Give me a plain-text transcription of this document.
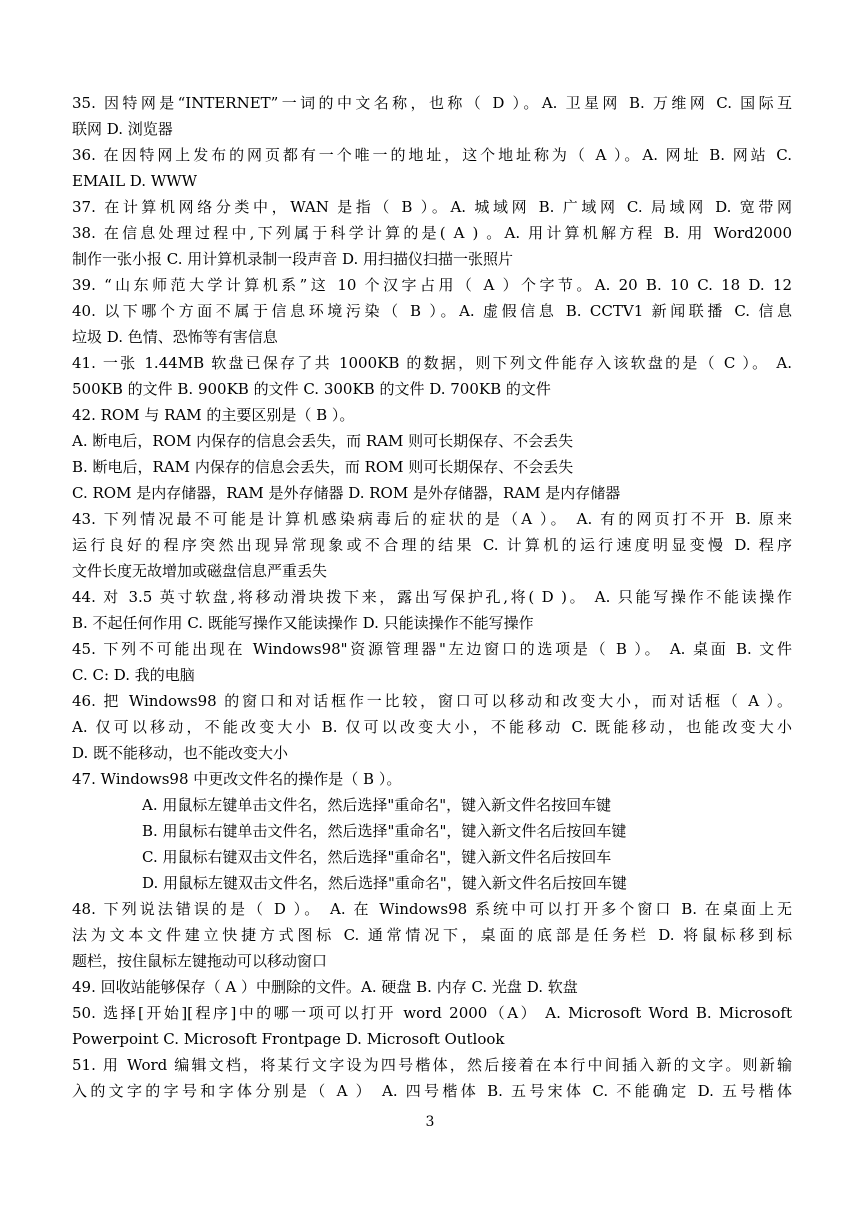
35. 因特网是“INTERNET”一词的中文名称，也称（ D ）。A. 卫星网 B. 万维网 C. 国际互
联网 D. 浏览器
36. 在因特网上发布的网页都有一个唯一的地址，这个地址称为（ A ）。A. 网址 B. 网站 C.
EMAIL D. WWW
37. 在计算机网络分类中，WAN 是指（ B ）。A. 城域网 B. 广域网 C. 局域网 D. 宽带网
38. 在信息处理过程中,下列属于科学计算的是( A ) 。A. 用计算机解方程 B. 用 Word2000
制作一张小报 C. 用计算机录制一段声音 D. 用扫描仪扫描一张照片
39. “山东师范大学计算机系”这 10 个汉字占用（ A ）个字节。A. 20 B. 10 C. 18 D. 12
40. 以下哪个方面不属于信息环境污染（ B ）。A. 虚假信息 B. CCTV1 新闻联播 C. 信息
垃圾 D. 色情、恐怖等有害信息
41. 一张 1.44MB 软盘已保存了共 1000KB 的数据，则下列文件能存入该软盘的是（ C ）。 A.
500KB 的文件 B. 900KB 的文件 C. 300KB 的文件 D. 700KB 的文件
42. ROM 与 RAM 的主要区别是（ B ）。
A. 断电后，ROM 内保存的信息会丢失，而 RAM 则可长期保存、不会丢失
B. 断电后，RAM 内保存的信息会丢失，而 ROM 则可长期保存、不会丢失
C. ROM 是内存储器，RAM 是外存储器 D. ROM 是外存储器，RAM 是内存储器
43. 下列情况最不可能是计算机感染病毒后的症状的是（A ）。 A. 有的网页打不开 B. 原来
运行良好的程序突然出现异常现象或不合理的结果 C. 计算机的运行速度明显变慢 D. 程序
文件长度无故增加或磁盘信息严重丢失
44. 对 3.5 英寸软盘,将移动滑块拨下来，露出写保护孔,将( D )。 A. 只能写操作不能读操作
B. 不起任何作用 C. 既能写操作又能读操作 D. 只能读操作不能写操作
45. 下列不可能出现在 Windows98"资源管理器"左边窗口的选项是（ B ）。 A. 桌面 B. 文件
C. C: D. 我的电脑
46. 把 Windows98 的窗口和对话框作一比较，窗口可以移动和改变大小，而对话框（ A ）。
A. 仅可以移动，不能改变大小 B. 仅可以改变大小，不能移动 C. 既能移动，也能改变大小
D. 既不能移动，也不能改变大小
47. Windows98 中更改文件名的操作是（ B ）。
A. 用鼠标左键单击文件名，然后选择"重命名"，键入新文件名按回车键
B. 用鼠标右键单击文件名，然后选择"重命名"，键入新文件名后按回车键
C. 用鼠标右键双击文件名，然后选择"重命名"，键入新文件名后按回车
D. 用鼠标左键双击文件名，然后选择"重命名"，键入新文件名后按回车键
48. 下列说法错误的是（ D ）。 A. 在 Windows98 系统中可以打开多个窗口 B. 在桌面上无
法为文本文件建立快捷方式图标 C. 通常情况下，桌面的底部是任务栏 D. 将鼠标移到标
题栏，按住鼠标左键拖动可以移动窗口
49. 回收站能够保存（ A ）中删除的文件。A. 硬盘 B. 内存 C. 光盘 D. 软盘
50. 选择[开始][程序]中的哪一项可以打开 word 2000（A） A. Microsoft Word B. Microsoft
Powerpoint C. Microsoft Frontpage D. Microsoft Outlook
51. 用 Word 编辑文档，将某行文字设为四号楷体，然后接着在本行中间插入新的文字。则新输
入的文字的字号和字体分别是（ A ） A. 四号楷体 B. 五号宋体 C. 不能确定 D. 五号楷体
3
